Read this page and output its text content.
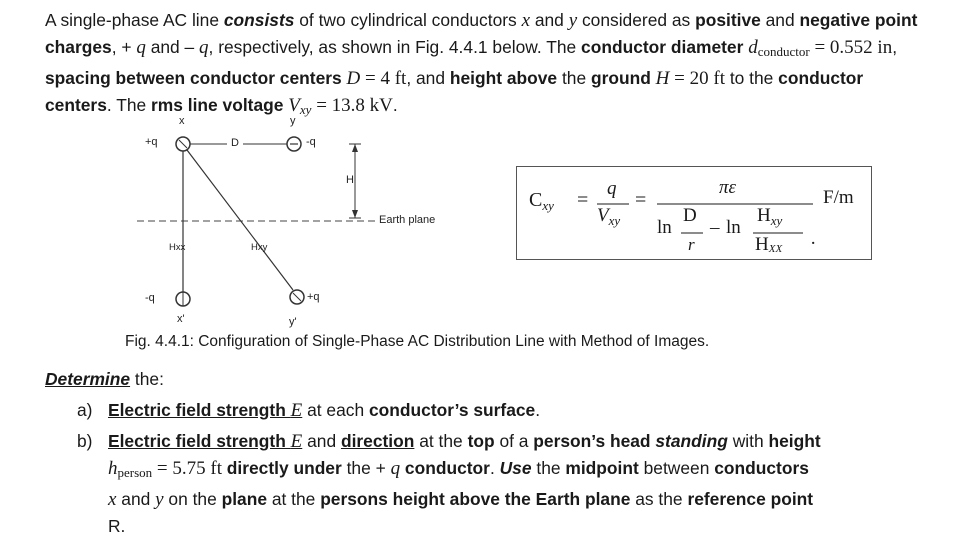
A single-phase AC line consists of two cylindrical conductors x and y considered as positive and negative point charges, + q and – q, respectively, as shown in Fig. 4.4.1 below. The conductor diameter $d_{conductor} = 0.552$ in, spacing between conductor centers D = 4 ft, and height above the ground H = 20 ft to the conductor centers. The rms line voltage $V_{xy} = 13.8$ kV.

x	y
+q	D	-q
H
Earth plane
Hxx	Hxy
-q	+q
x'	y'
$C_{xy}$ =
q
$V_{xy}$
=
πε
ln
D
r
– ln
$H_{xy}$
HXX ·
F/m
Fig. 4.4.1: Configuration of Single-Phase AC Distribution Line with Method of Images.
Determine the:
a) Electric field strength E at each conductor’s surface.
b) Electric field strength E and direction at the top of a person’s head standing with height
$h_{person} = 5.75$ ft directly under the + q conductor. Use the midpoint between conductors
x and y on the plane at the persons height above the Earth plane as the reference point
R.
